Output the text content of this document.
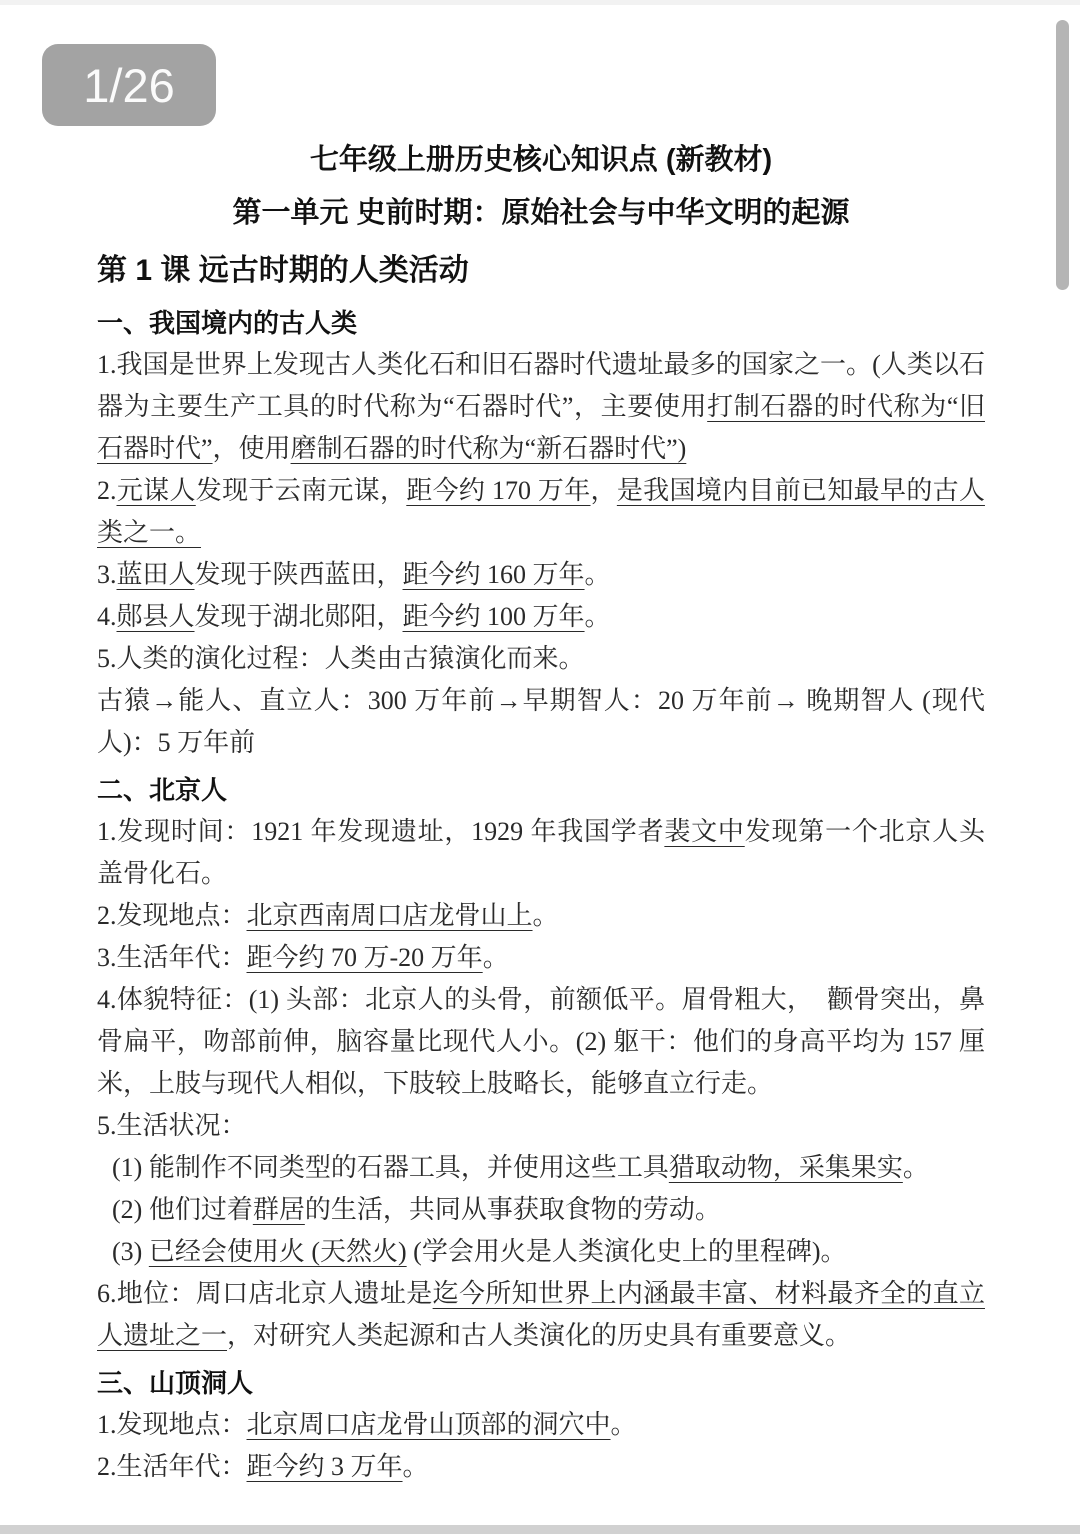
1/26
七年级上册历史核心知识点 (新教材)
第一单元 史前时期：原始社会与中华文明的起源
第 1 课 远古时期的人类活动
一、我国境内的古人类
1.我国是世界上发现古人类化石和旧石器时代遗址最多的国家之一。(人类以石器为主要生产工具的时代称为“石器时代”，主要使用打制石器的时代称为“旧石器时代”，使用磨制石器的时代称为“新石器时代”)
2.元谋人发现于云南元谋，距今约 170 万年，是我国境内目前已知最早的古人类之一。
3.蓝田人发现于陕西蓝田，距今约 160 万年。
4.郧县人发现于湖北郧阳，距今约 100 万年。
5.人类的演化过程：人类由古猿演化而来。
古猿→能人、直立人：300 万年前→早期智人：20 万年前→ 晚期智人 (现代人)：5 万年前
二、北京人
1.发现时间：1921 年发现遗址，1929 年我国学者裴文中发现第一个北京人头盖骨化石。
2.发现地点：北京西南周口店龙骨山上。
3.生活年代：距今约 70 万-20 万年。
4.体貌特征：(1) 头部：北京人的头骨，前额低平。眉骨粗大，  颧骨突出，鼻骨扁平，吻部前伸，脑容量比现代人小。(2) 躯干：他们的身高平均为 157 厘米，上肢与现代人相似，下肢较上肢略长，能够直立行走。
5.生活状况：
(1) 能制作不同类型的石器工具，并使用这些工具猎取动物，采集果实。
(2) 他们过着群居的生活，共同从事获取食物的劳动。
(3) 已经会使用火 (天然火) (学会用火是人类演化史上的里程碑)。
6.地位：周口店北京人遗址是迄今所知世界上内涵最丰富、材料最齐全的直立人遗址之一，对研究人类起源和古人类演化的历史具有重要意义。
三、山顶洞人
1.发现地点：北京周口店龙骨山顶部的洞穴中。
2.生活年代：距今约 3 万年。
